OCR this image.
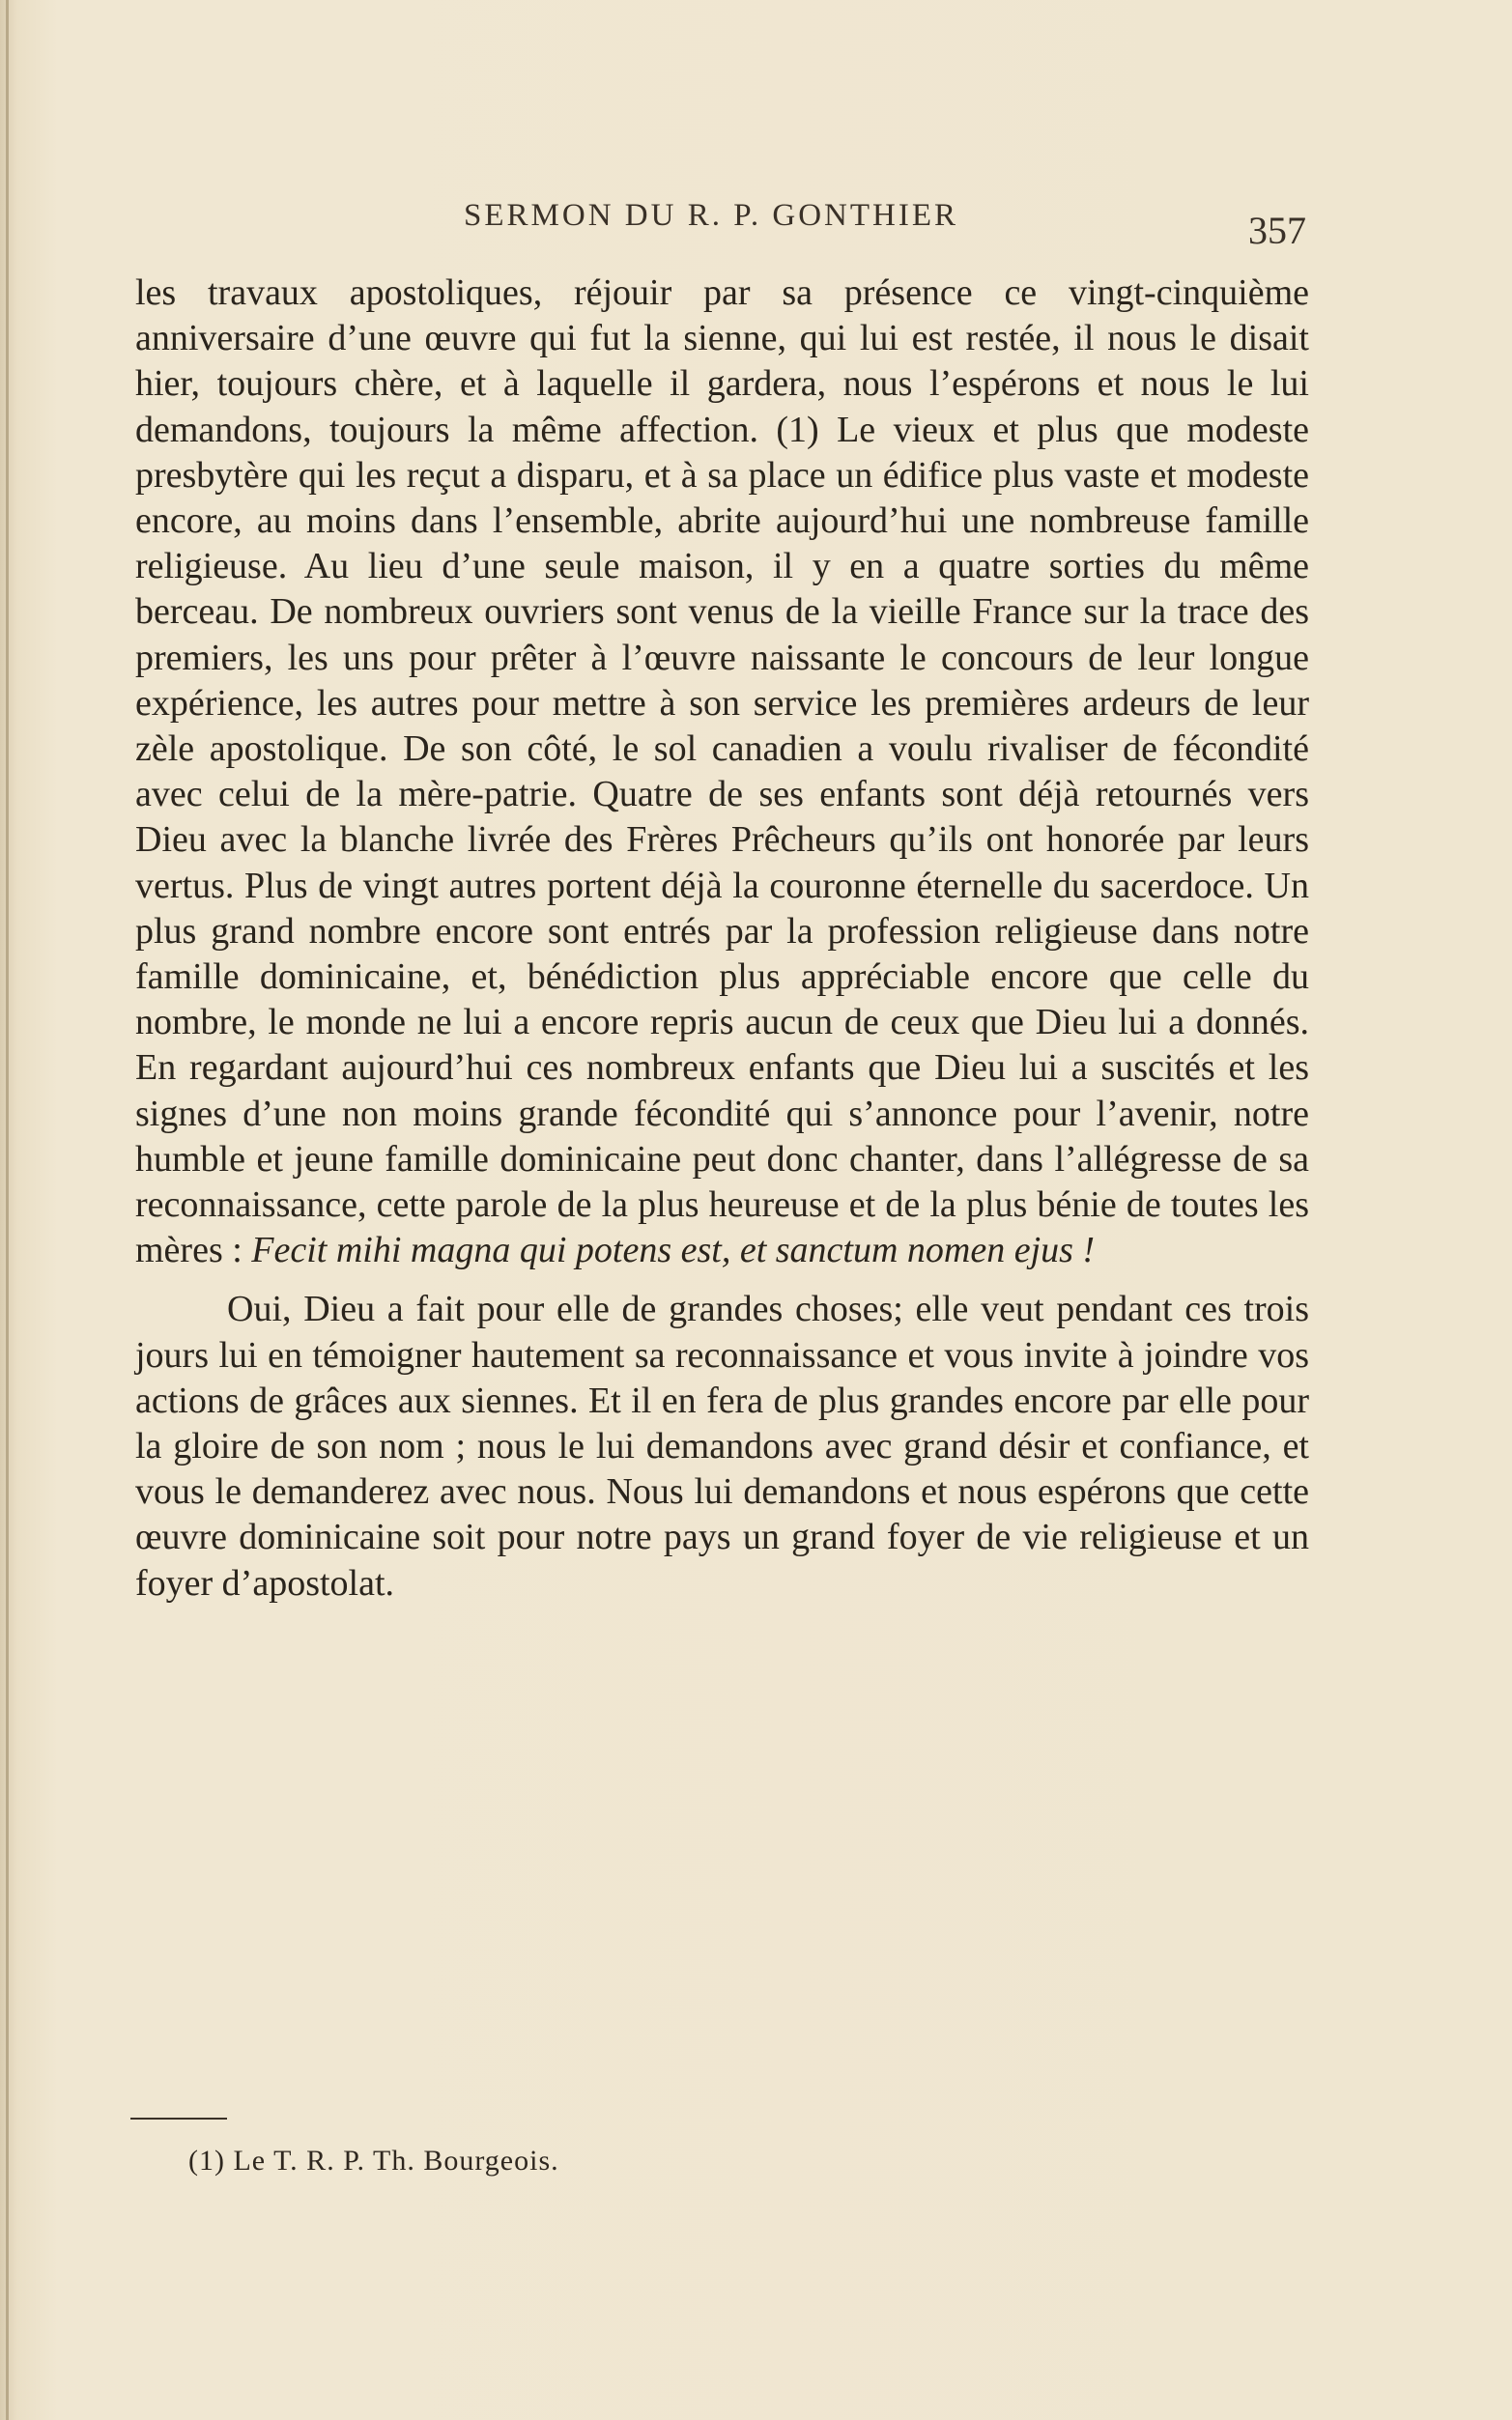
SERMON DU R. P. GONTHIER	357

les travaux apostoliques, réjouir par sa présence ce vingt-cinquième anniversaire d’une œuvre qui fut la sienne, qui lui est restée, il nous le disait hier, toujours chère, et à laquelle il gardera, nous l’espérons et nous le lui demandons, toujours la même affection. (1) Le vieux et plus que modeste presbytère qui les reçut a disparu, et à sa place un édifice plus vaste et modeste encore, au moins dans l’ensemble, abrite aujourd’hui une nombreuse famille religieuse. Au lieu d’une seule maison, il y en a quatre sorties du même berceau. De nombreux ouvriers sont venus de la vieille France sur la trace des premiers, les uns pour prêter à l’œuvre naissante le concours de leur longue expérience, les autres pour mettre à son service les premières ardeurs de leur zèle apostolique. De son côté, le sol canadien a voulu rivaliser de fécondité avec celui de la mère-patrie. Quatre de ses enfants sont déjà retournés vers Dieu avec la blanche livrée des Frères Prêcheurs qu’ils ont honorée par leurs vertus. Plus de vingt autres portent déjà la couronne éternelle du sacerdoce. Un plus grand nombre encore sont entrés par la profession religieuse dans notre famille dominicaine, et, bénédiction plus appréciable encore que celle du nombre, le monde ne lui a encore repris aucun de ceux que Dieu lui a donnés. En regardant aujourd’hui ces nombreux enfants que Dieu lui a suscités et les signes d’une non moins grande fécondité qui s’annonce pour l’avenir, notre humble et jeune famille dominicaine peut donc chanter, dans l’allégresse de sa reconnaissance, cette parole de la plus heureuse et de la plus bénie de toutes les mères : Fecit mihi magna qui potens est, et sanctum nomen ejus !

Oui, Dieu a fait pour elle de grandes choses; elle veut pendant ces trois jours lui en témoigner hautement sa reconnaissance et vous invite à joindre vos actions de grâces aux siennes. Et il en fera de plus grandes encore par elle pour la gloire de son nom ; nous le lui demandons avec grand désir et confiance, et vous le demanderez avec nous. Nous lui demandons et nous espérons que cette œuvre dominicaine soit pour notre pays un grand foyer de vie religieuse et un foyer d’apostolat.

(1) Le T. R. P. Th. Bourgeois.
